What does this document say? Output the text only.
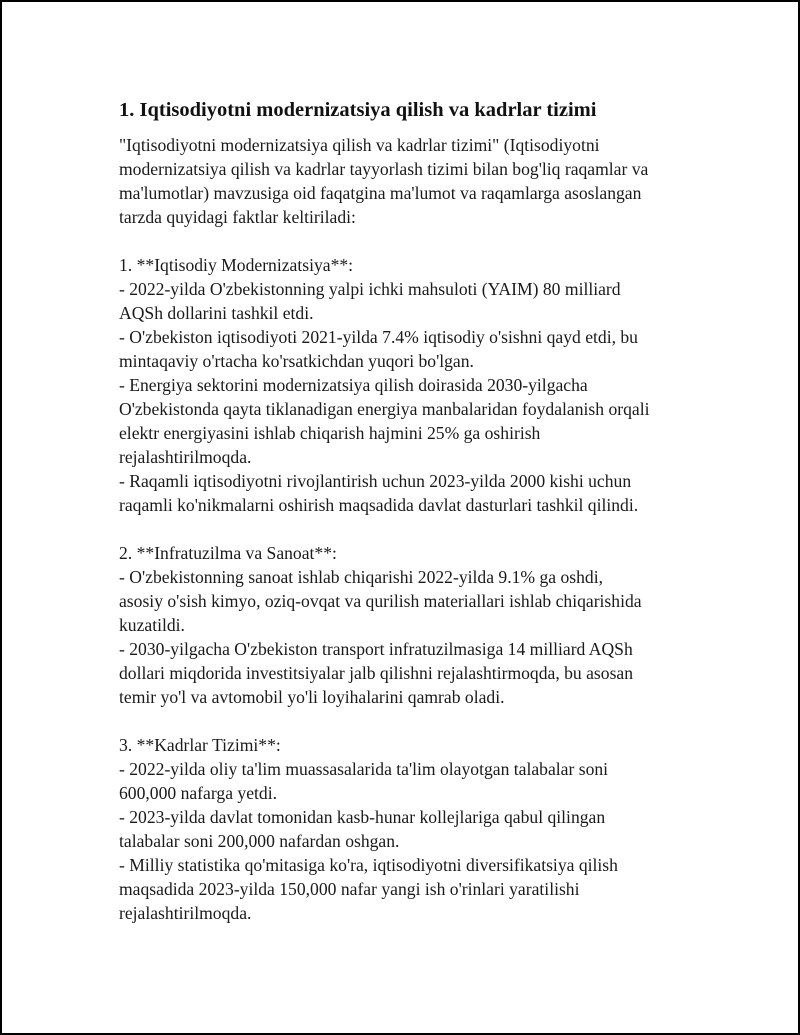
1. Iqtisodiyotni modernizatsiya qilish va kadrlar tizimi

"Iqtisodiyotni modernizatsiya qilish va kadrlar tizimi" (Iqtisodiyotni
modernizatsiya qilish va kadrlar tayyorlash tizimi bilan bog'liq raqamlar va
ma'lumotlar) mavzusiga oid faqatgina ma'lumot va raqamlarga asoslangan
tarzda quyidagi faktlar keltiriladi:

1. **Iqtisodiy Modernizatsiya**:

- 2022-yilda O'zbekistonning yalpi ichki mahsuloti (YAIM) 80 milliard
AQSh dollarini tashkil etdi.

- O'zbekiston iqtisodiyoti 2021-yilda 7.4% iqtisodiy o'sishni qayd etdi, bu
mintaqaviy o'rtacha ko'rsatkichdan yuqori bo'lgan.

- Energiya sektorini modernizatsiya qilish doirasida 2030-yilgacha
O'zbekistonda qayta tiklanadigan energiya manbalaridan foydalanish orqali
elektr energiyasini ishlab chiqarish hajmini 25% ga oshirish
rejalashtirilmoqda.

- Raqamli iqtisodiyotni rivojlantirish uchun 2023-yilda 2000 kishi uchun
raqamli ko'nikmalarni oshirish maqsadida davlat dasturlari tashkil qilindi.

2. **Infratuzilma va Sanoat**:

- O'zbekistonning sanoat ishlab chiqarishi 2022-yilda 9.1% ga oshdi,
asosiy o'sish kimyo, oziq-ovqat va qurilish materiallari ishlab chiqarishida
kuzatildi.

- 2030-yilgacha O'zbekiston transport infratuzilmasiga 14 milliard AQSh
dollari miqdorida investitsiyalar jalb qilishni rejalashtirmoqda, bu asosan
temir yo'l va avtomobil yo'li loyihalarini qamrab oladi.

3. **Kadrlar Tizimi**:

- 2022-yilda oliy ta'lim muassasalarida ta'lim olayotgan talabalar soni
600,000 nafarga yetdi.

- 2023-yilda davlat tomonidan kasb-hunar kollejlariga qabul qilingan
talabalar soni 200,000 nafardan oshgan.

- Milliy statistika qo'mitasiga ko'ra, iqtisodiyotni diversifikatsiya qilish
maqsadida 2023-yilda 150,000 nafar yangi ish o'rinlari yaratilishi
rejalashtirilmoqda.
